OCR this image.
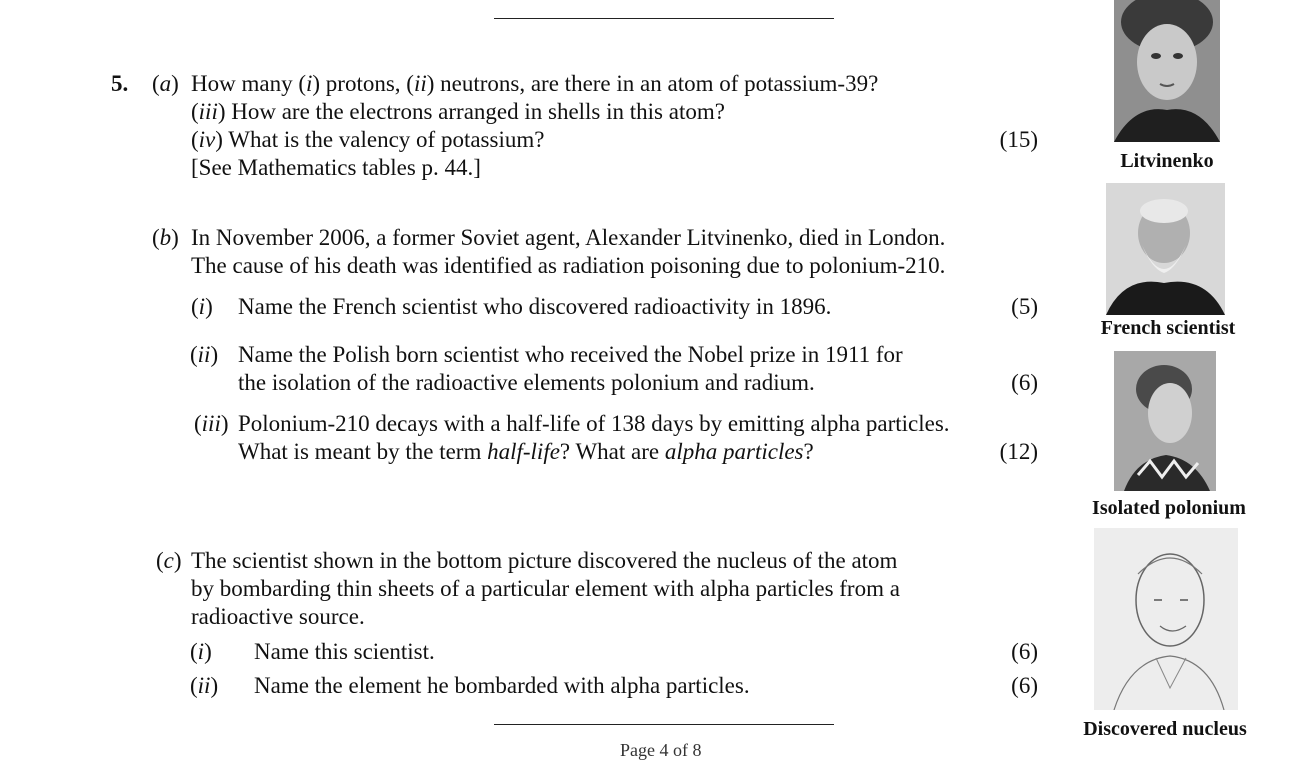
5. (a) How many (i) protons, (ii) neutrons, are there in an atom of potassium-39?
(iii) How are the electrons arranged in shells in this atom?
(iv) What is the valency of potassium?	(15)
[See Mathematics tables p. 44.]
(b) In November 2006, a former Soviet agent, Alexander Litvinenko, died in London.
The cause of his death was identified as radiation poisoning due to polonium-210.
(i) Name the French scientist who discovered radioactivity in 1896.	(5)
(ii) Name the Polish born scientist who received the Nobel prize in 1911 for
the isolation of the radioactive elements polonium and radium.	(6)
(iii) Polonium-210 decays with a half-life of 138 days by emitting alpha particles.
What is meant by the term half-life? What are alpha particles?	(12)
(c) The scientist shown in the bottom picture discovered the nucleus of the atom
by bombarding thin sheets of a particular element with alpha particles from a
radioactive source.
(i) Name this scientist.	(6)
(ii) Name the element he bombarded with alpha particles.	(6)
Page 4 of 8
Litvinenko
French scientist
Isolated polonium
Discovered nucleus
